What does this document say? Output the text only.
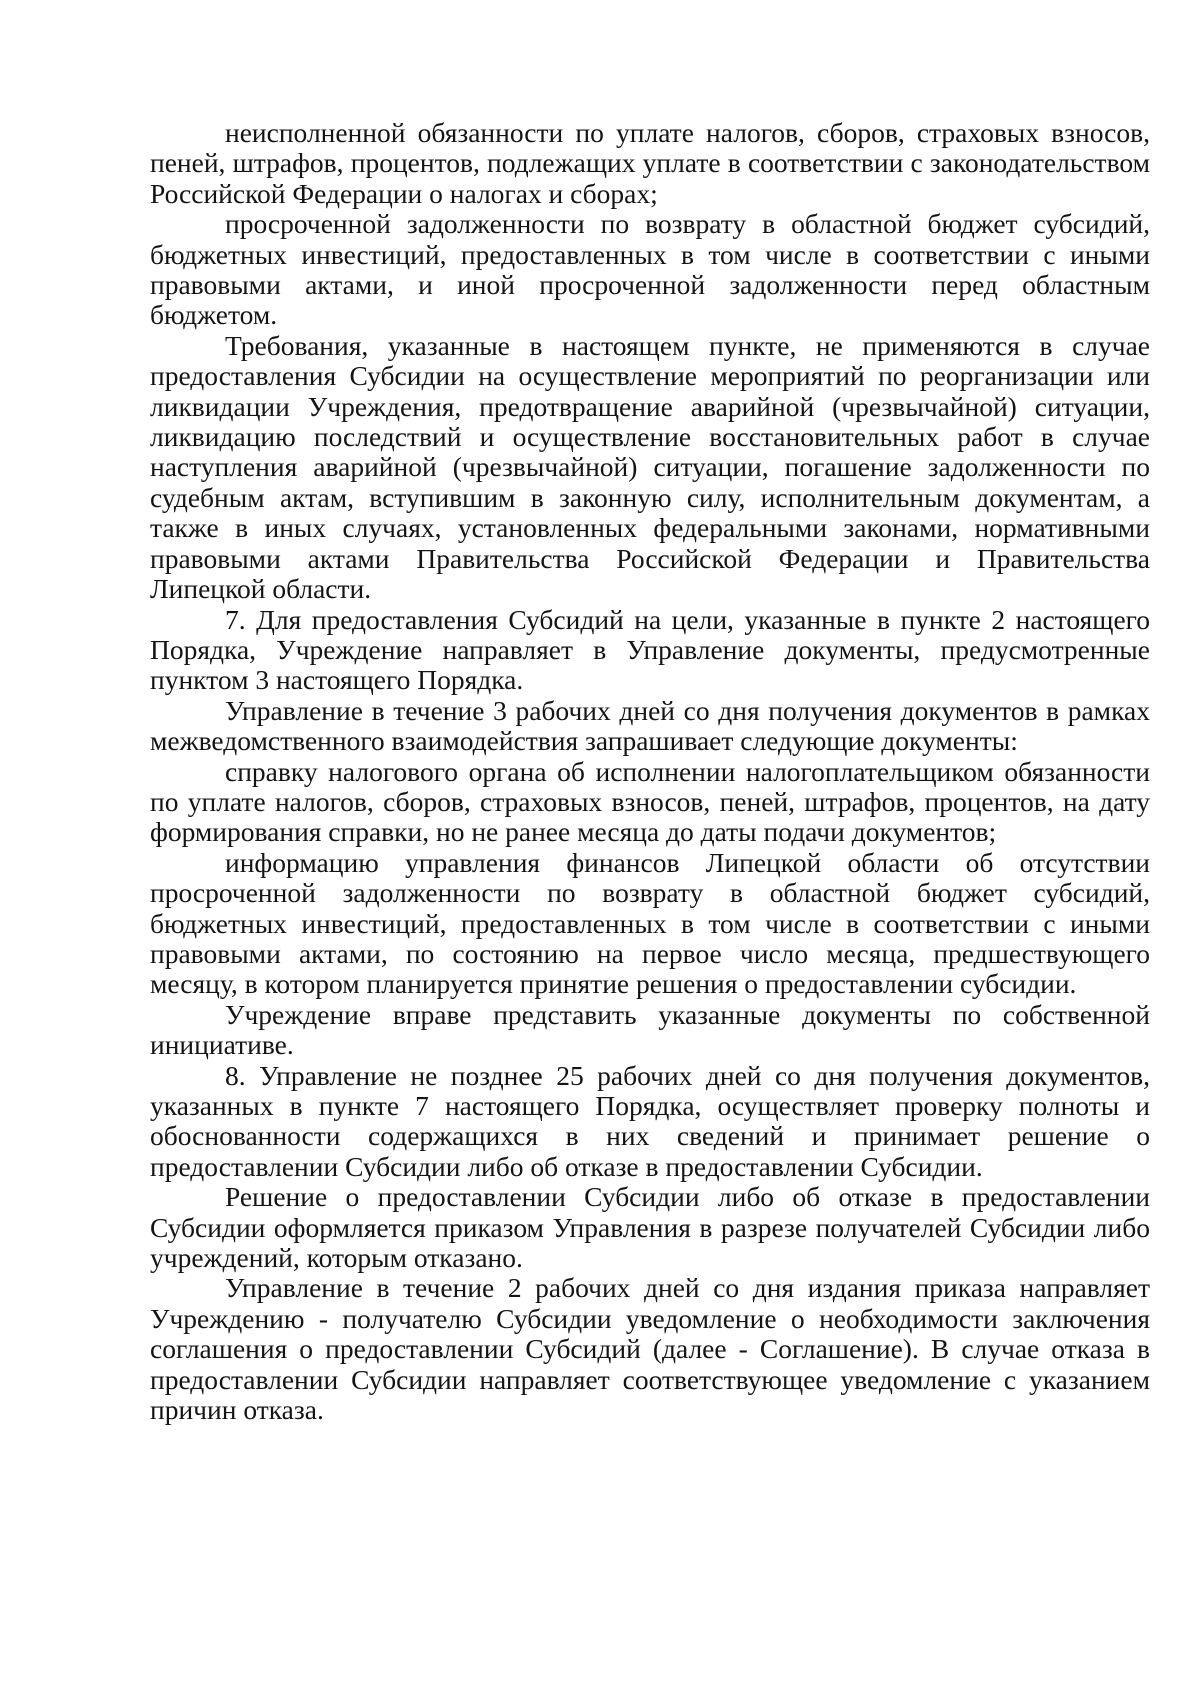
неисполненной обязанности по уплате налогов, сборов, страховых взносов, пеней, штрафов, процентов, подлежащих уплате в соответствии с законодательством Российской Федерации о налогах и сборах;

просроченной задолженности по возврату в областной бюджет субсидий, бюджетных инвестиций, предоставленных в том числе в соответствии с иными правовыми актами, и иной просроченной задолженности перед областным бюджетом.

Требования, указанные в настоящем пункте, не применяются в случае предоставления Субсидии на осуществление мероприятий по реорганизации или ликвидации Учреждения, предотвращение аварийной (чрезвычайной) ситуации, ликвидацию последствий и осуществление восстановительных работ в случае наступления аварийной (чрезвычайной) ситуации, погашение задолженности по судебным актам, вступившим в законную силу, исполнительным документам, а также в иных случаях, установленных федеральными законами, нормативными правовыми актами Правительства Российской Федерации и Правительства Липецкой области.

7. Для предоставления Субсидий на цели, указанные в пункте 2 настоящего Порядка, Учреждение направляет в Управление документы, предусмотренные пунктом 3 настоящего Порядка.

Управление в течение 3 рабочих дней со дня получения документов в рамках межведомственного взаимодействия запрашивает следующие документы:

справку налогового органа об исполнении налогоплательщиком обязанности по уплате налогов, сборов, страховых взносов, пеней, штрафов, процентов, на дату формирования справки, но не ранее месяца до даты подачи документов;

информацию управления финансов Липецкой области об отсутствии просроченной задолженности по возврату в областной бюджет субсидий, бюджетных инвестиций, предоставленных в том числе в соответствии с иными правовыми актами, по состоянию на первое число месяца, предшествующего месяцу, в котором планируется принятие решения о предоставлении субсидии.

Учреждение вправе представить указанные документы по собственной инициативе.

8. Управление не позднее 25 рабочих дней со дня получения документов, указанных в пункте 7 настоящего Порядка, осуществляет проверку полноты и обоснованности содержащихся в них сведений и принимает решение о предоставлении Субсидии либо об отказе в предоставлении Субсидии.

Решение о предоставлении Субсидии либо об отказе в предоставлении Субсидии оформляется приказом Управления в разрезе получателей Субсидии либо учреждений, которым отказано.

Управление в течение 2 рабочих дней со дня издания приказа направляет Учреждению - получателю Субсидии уведомление о необходимости заключения соглашения о предоставлении Субсидий (далее - Соглашение). В случае отказа в предоставлении Субсидии направляет соответствующее уведомление с указанием причин отказа.
